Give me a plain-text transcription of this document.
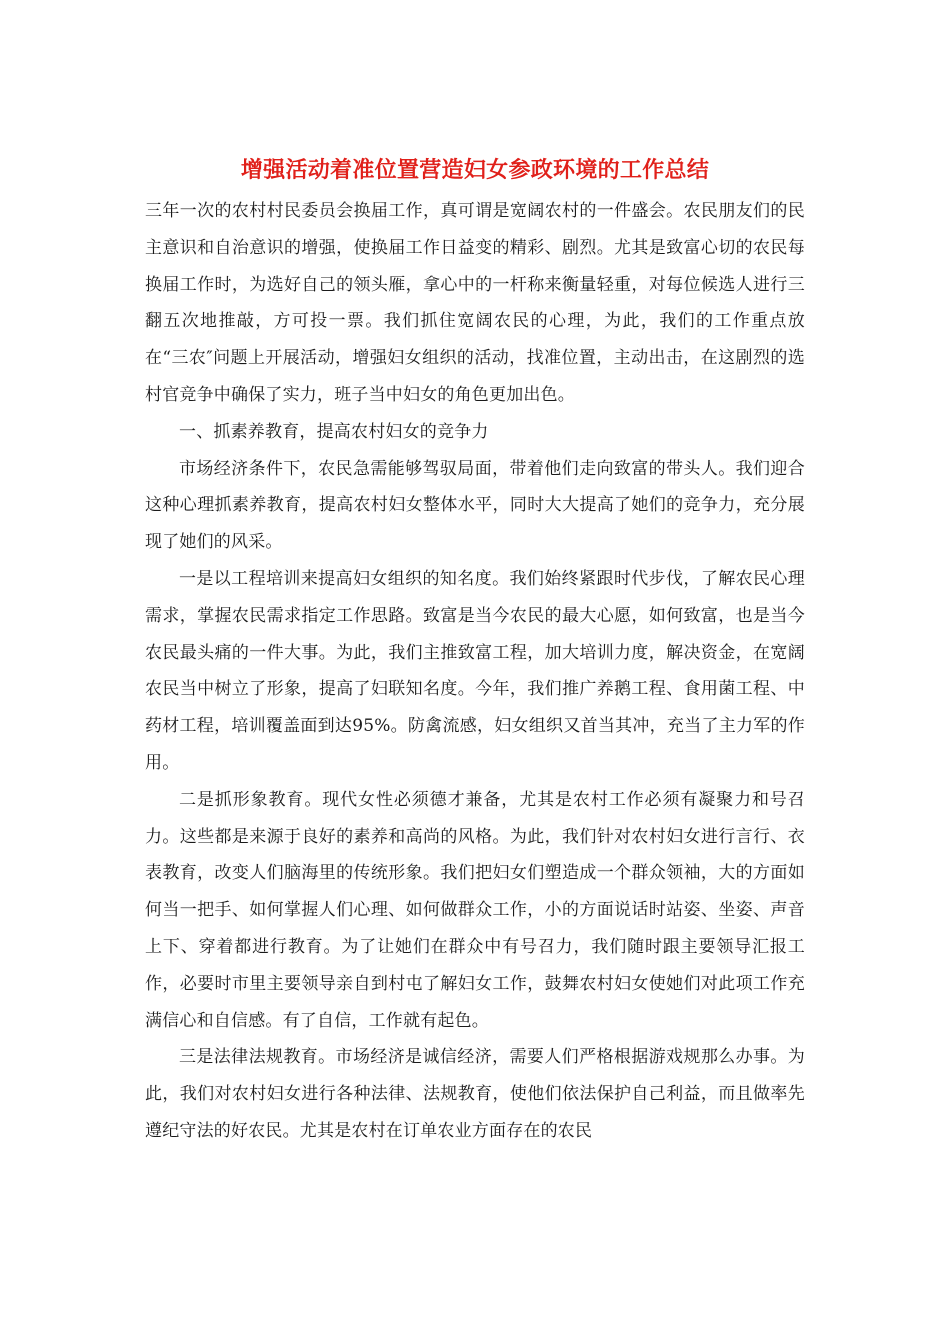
增强活动着准位置营造妇女参政环境的工作总结

三年一次的农村村民委员会换届工作，真可谓是宽阔农村的一件盛会。农民朋友们的民主意识和自治意识的增强，使换届工作日益变的精彩、剧烈。尤其是致富心切的农民每换届工作时，为选好自己的领头雁，拿心中的一杆称来衡量轻重，对每位候选人进行三翻五次地推敲，方可投一票。我们抓住宽阔农民的心理，为此，我们的工作重点放在“三农″问题上开展活动，增强妇女组织的活动，找准位置，主动出击，在这剧烈的选村官竞争中确保了实力，班子当中妇女的角色更加出色。

一、抓素养教育，提高农村妇女的竞争力

市场经济条件下，农民急需能够驾驭局面，带着他们走向致富的带头人。我们迎合这种心理抓素养教育，提高农村妇女整体水平，同时大大提高了她们的竞争力，充分展现了她们的风采。

一是以工程培训来提高妇女组织的知名度。我们始终紧跟时代步伐，了解农民心理需求，掌握农民需求指定工作思路。致富是当今农民的最大心愿，如何致富，也是当今农民最头痛的一件大事。为此，我们主推致富工程，加大培训力度，解决资金，在宽阔农民当中树立了形象，提高了妇联知名度。今年，我们推广养鹅工程、食用菌工程、中药材工程，培训覆盖面到达95%。防禽流感，妇女组织又首当其冲，充当了主力军的作用。

二是抓形象教育。现代女性必须德才兼备，尤其是农村工作必须有凝聚力和号召力。这些都是来源于良好的素养和高尚的风格。为此，我们针对农村妇女进行言行、衣表教育，改变人们脑海里的传统形象。我们把妇女们塑造成一个群众领袖，大的方面如何当一把手、如何掌握人们心理、如何做群众工作，小的方面说话时站姿、坐姿、声音上下、穿着都进行教育。为了让她们在群众中有号召力，我们随时跟主要领导汇报工作，必要时市里主要领导亲自到村屯了解妇女工作，鼓舞农村妇女使她们对此项工作充满信心和自信感。有了自信，工作就有起色。

三是法律法规教育。市场经济是诚信经济，需要人们严格根据游戏规那么办事。为此，我们对农村妇女进行各种法律、法规教育，使他们依法保护自己利益，而且做率先遵纪守法的好农民。尤其是农村在订单农业方面存在的农民
